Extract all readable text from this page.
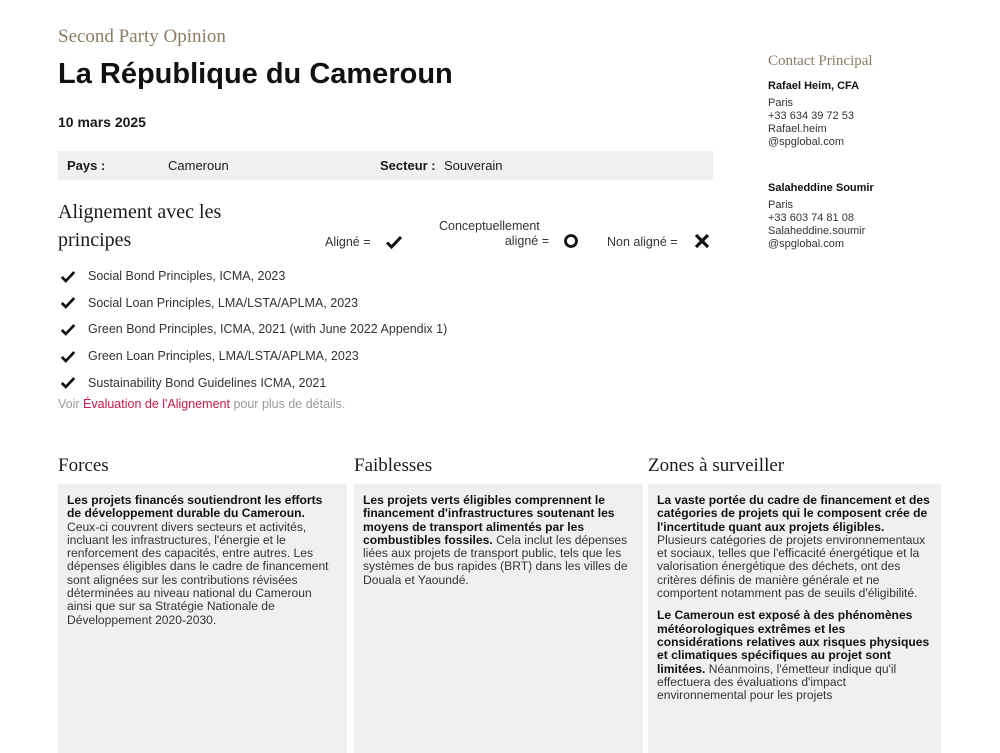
Second Party Opinion
La République du Cameroun
10 mars 2025
Pays :	Cameroun	Secteur : Souverain
Alignement avec les
principes	Aligné =
Conceptuellement
aligné =	Non aligné =
Social Bond Principles, ICMA, 2023
Social Loan Principles, LMA/LSTA/APLMA, 2023
Green Bond Principles, ICMA, 2021 (with June 2022 Appendix 1)
Green Loan Principles, LMA/LSTA/APLMA, 2023
Sustainability Bond Guidelines ICMA, 2021
Voir Évaluation de l'Alignement pour plus de détails.
Forces

Les projets financés soutiendront les efforts de développement durable du Cameroun. Ceux-ci couvrent divers secteurs et activités, incluant les infrastructures, l'énergie et le renforcement des capacités, entre autres. Les dépenses éligibles dans le cadre de financement sont alignées sur les contributions révisées déterminées au niveau national du Cameroun ainsi que sur sa Stratégie Nationale de Développement 2020-2030.

Faiblesses

Les projets verts éligibles comprennent le financement d'infrastructures soutenant les moyens de transport alimentés par les combustibles fossiles. Cela inclut les dépenses liées aux projets de transport public, tels que les systèmes de bus rapides (BRT) dans les villes de Douala et Yaoundé.

Zones à surveiller

La vaste portée du cadre de financement et des catégories de projets qui le composent crée de l'incertitude quant aux projets éligibles. Plusieurs catégories de projets environnementaux et sociaux, telles que l'efficacité énergétique et la valorisation énergétique des déchets, ont des critères définis de manière générale et ne comportent notamment pas de seuils d'éligibilité.

Le Cameroun est exposé à des phénomènes météorologiques extrêmes et les considérations relatives aux risques physiques et climatiques spécifiques au projet sont limitées. Néanmoins, l'émetteur indique qu'il effectuera des évaluations d'impact environnemental pour les projets

Contact Principal
Rafael Heim, CFA
Paris
+33 634 39 72 53
Rafael.heim
@spglobal.com
Salaheddine Soumir
Paris
+33 603 74 81 08
Salaheddine.soumir
@spglobal.com
